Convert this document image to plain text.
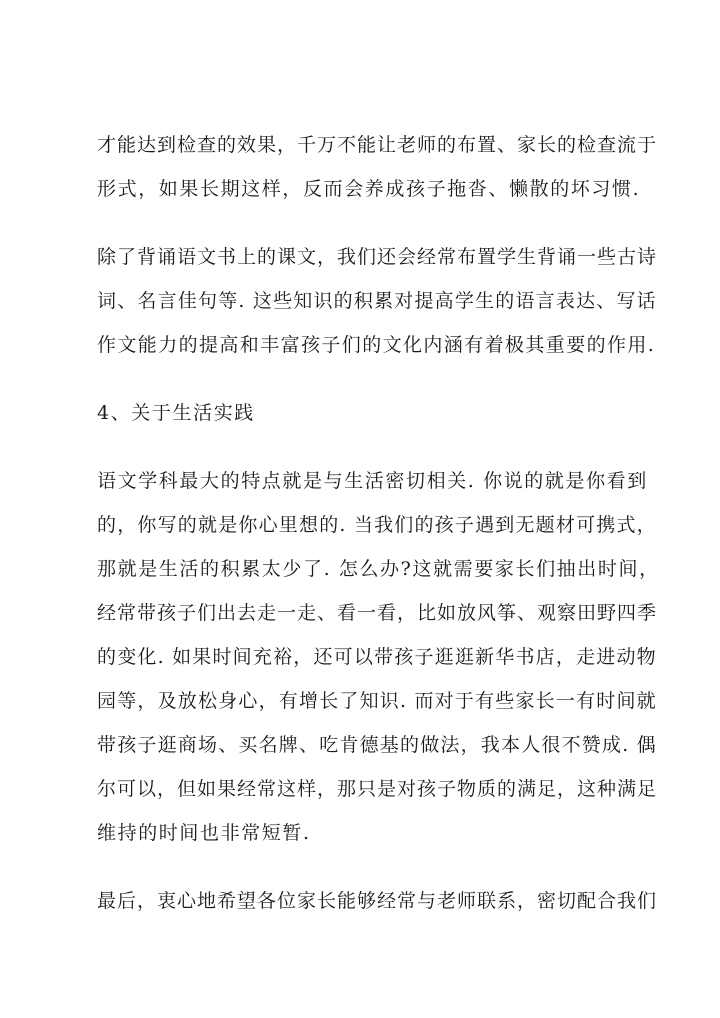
才能达到检查的效果，千万不能让老师的布置、家长的检查流于
形式，如果长期这样，反而会养成孩子拖沓、懒散的坏习惯.
除了背诵语文书上的课文，我们还会经常布置学生背诵一些古诗
词、名言佳句等. 这些知识的积累对提高学生的语言表达、写话
作文能力的提高和丰富孩子们的文化内涵有着极其重要的作用.
4、关于生活实践
语文学科最大的特点就是与生活密切相关. 你说的就是你看到
的，你写的就是你心里想的. 当我们的孩子遇到无题材可携式，
那就是生活的积累太少了. 怎么办?这就需要家长们抽出时间，
经常带孩子们出去走一走、看一看，比如放风筝、观察田野四季
的变化. 如果时间充裕，还可以带孩子逛逛新华书店，走进动物
园等，及放松身心，有增长了知识. 而对于有些家长一有时间就
带孩子逛商场、买名牌、吃肯德基的做法，我本人很不赞成. 偶
尔可以，但如果经常这样，那只是对孩子物质的满足，这种满足
维持的时间也非常短暂.
最后，衷心地希望各位家长能够经常与老师联系，密切配合我们
